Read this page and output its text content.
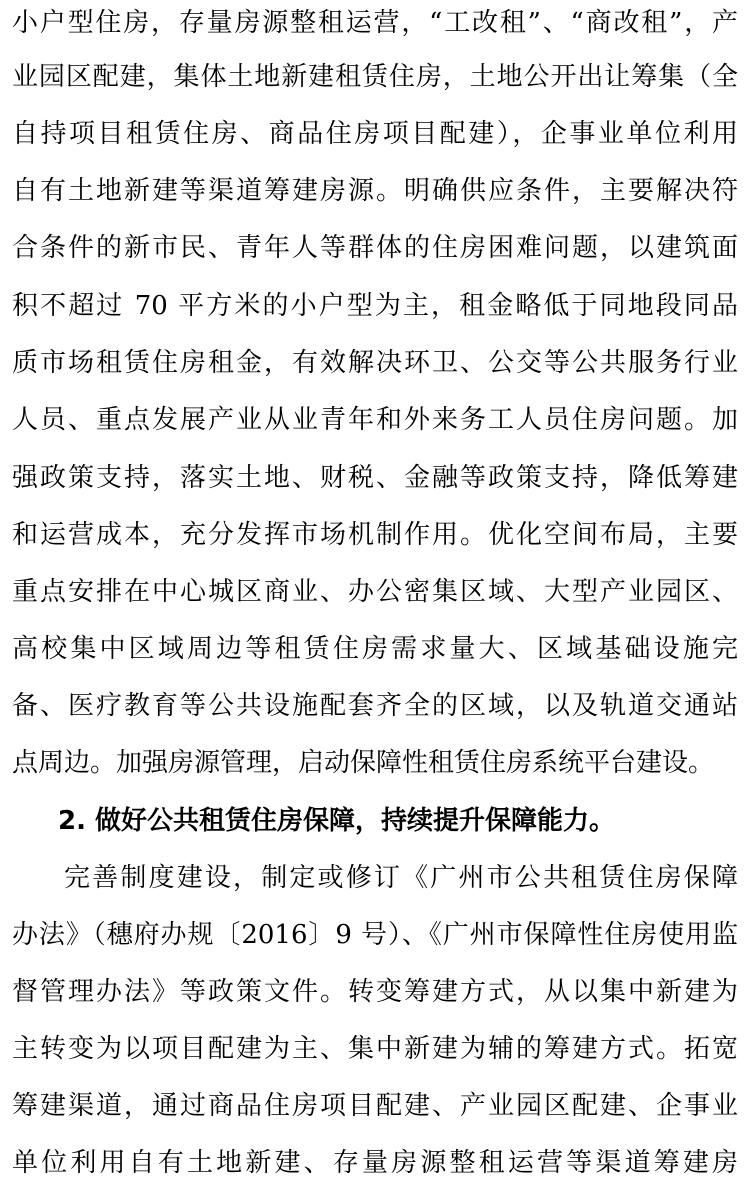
小户型住房，存量房源整租运营，“工改租”、“商改租”，产
业园区配建，集体土地新建租赁住房，土地公开出让筹集（全
自持项目租赁住房、商品住房项目配建），企事业单位利用
自有土地新建等渠道筹建房源。明确供应条件，主要解决符
合条件的新市民、青年人等群体的住房困难问题，以建筑面
积不超过 70 平方米的小户型为主，租金略低于同地段同品
质市场租赁住房租金，有效解决环卫、公交等公共服务行业
人员、重点发展产业从业青年和外来务工人员住房问题。加
强政策支持，落实土地、财税、金融等政策支持，降低筹建
和运营成本，充分发挥市场机制作用。优化空间布局，主要
重点安排在中心城区商业、办公密集区域、大型产业园区、
高校集中区域周边等租赁住房需求量大、区域基础设施完
备、医疗教育等公共设施配套齐全的区域，以及轨道交通站
点周边。加强房源管理，启动保障性租赁住房系统平台建设。
2. 做好公共租赁住房保障，持续提升保障能力。
完善制度建设，制定或修订《广州市公共租赁住房保障
办法》（穗府办规〔2016〕9 号）、《广州市保障性住房使用监
督管理办法》等政策文件。转变筹建方式，从以集中新建为
主转变为以项目配建为主、集中新建为辅的筹建方式。拓宽
筹建渠道，通过商品住房项目配建、产业园区配建、企事业
单位利用自有土地新建、存量房源整租运营等渠道筹建房
